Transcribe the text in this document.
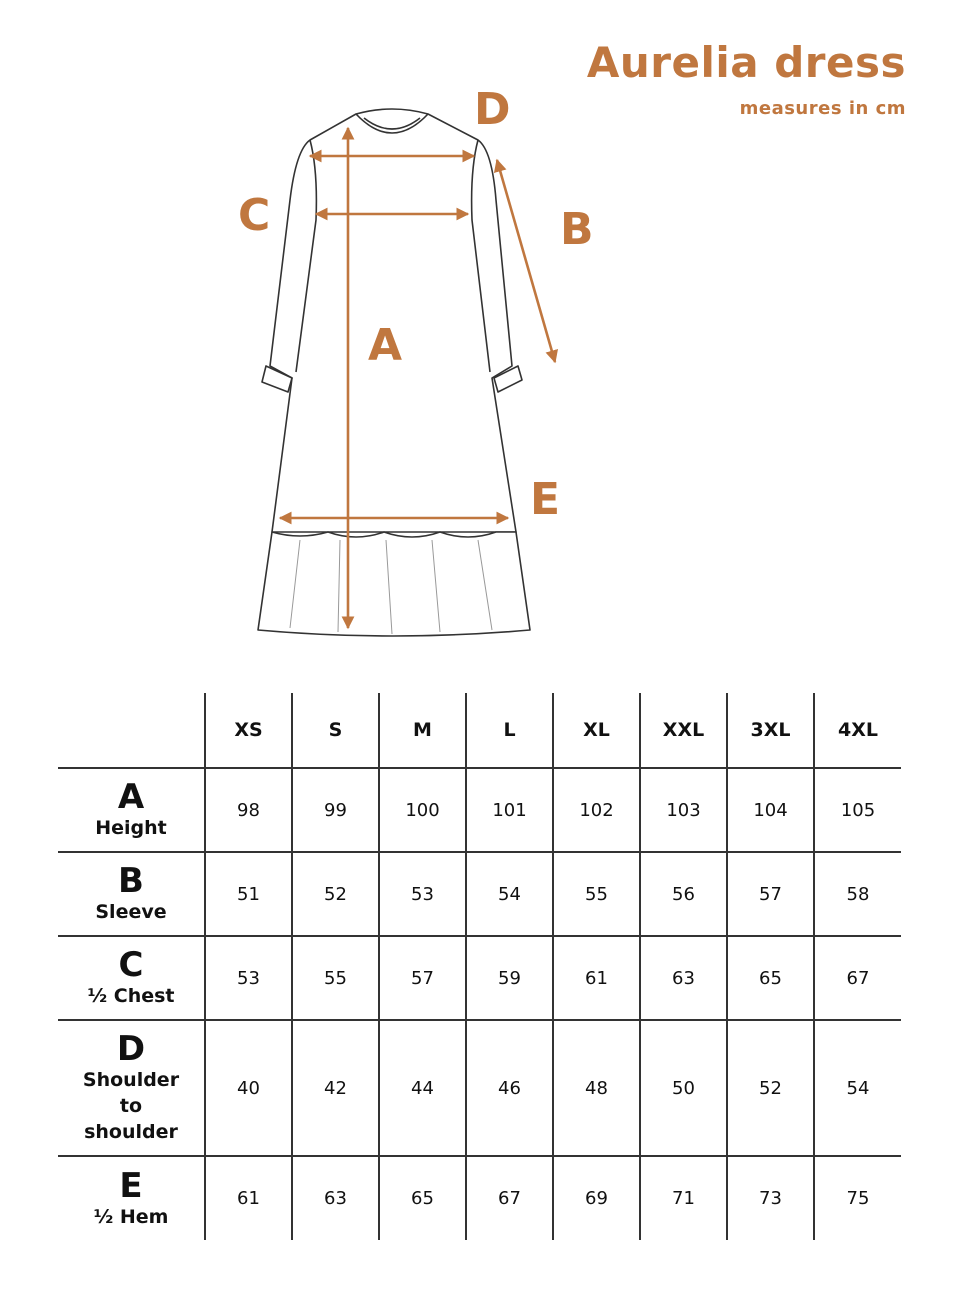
Aurelia dress
measures in cm
D
C	B
A
E
	XS	S	M	L	XL	XXL	3XL	4XL

A
Height	98	99	100	101	102	103	104	105

B
Sleeve	51	52	53	54	55	56	57	58

C
½ Chest	53	55	57	59	61	63	65	67

D
Shoulder to shoulder	40	42	44	46	48	50	52	54

E
½ Hem	61	63	65	67	69	71	73	75
